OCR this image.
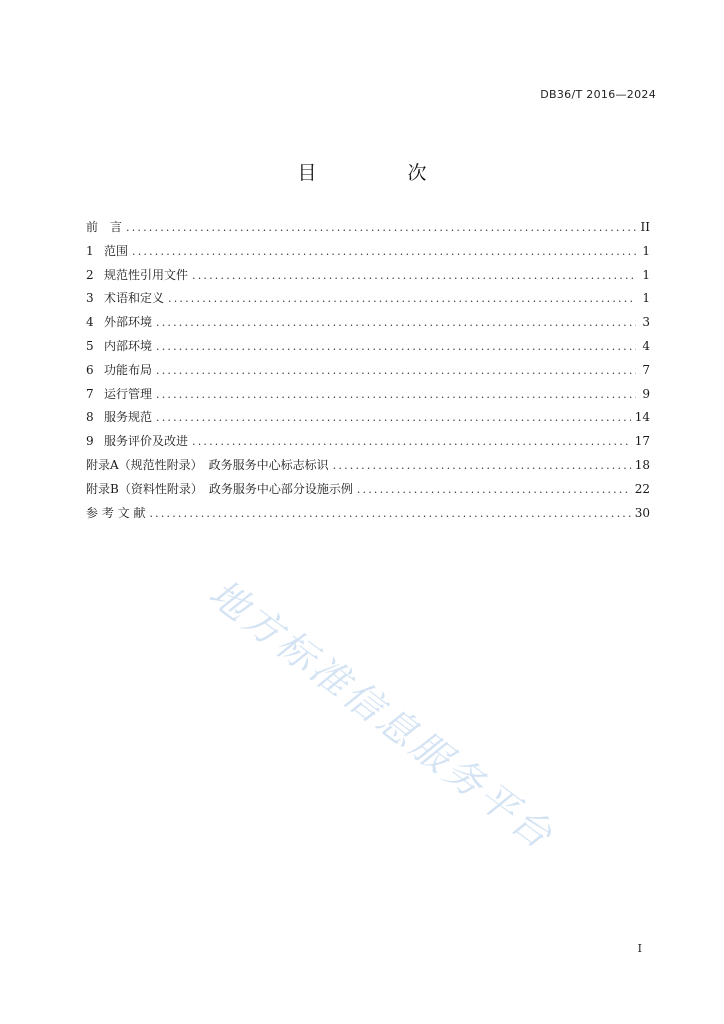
DB36/T 2016—2024
目　次
前　言 .....	II
1 范围 .....	1
2 规范性引用文件 .....	1
3 术语和定义 .....	1
4 外部环境 .....	3
5 内部环境 .....	4
6 功能布局 .....	7
7 运行管理 .....	9
8 服务规范 .....	14
9 服务评价及改进 .....	17
附录A（规范性附录）　政务服务中心标志标识 .....	18
附录B（资料性附录）　政务服务中心部分设施示例 .....	22
参 考 文 献 .....	30
地方标准信息服务平台
I
